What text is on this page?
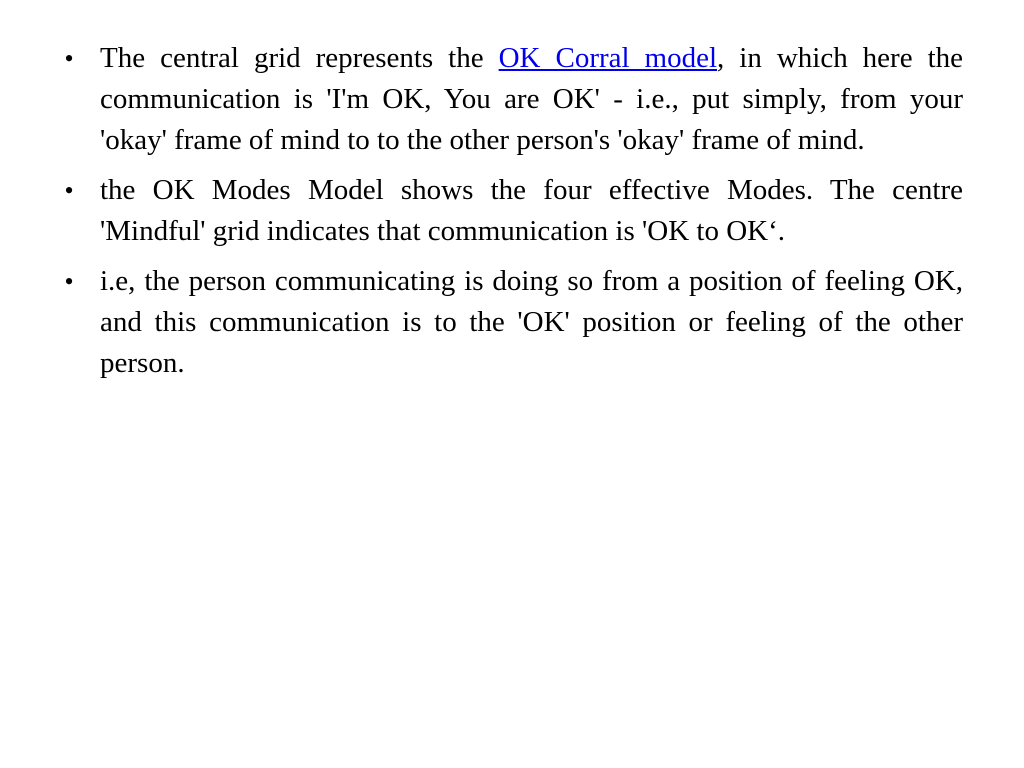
• The central grid represents the OK Corral model, in which here the communication is 'I'm OK, You are OK' - i.e., put simply, from your 'okay' frame of mind to to the other person's 'okay' frame of mind.
• the OK Modes Model shows the four effective Modes. The centre 'Mindful' grid indicates that communication is 'OK to OK‘.
• i.e, the person communicating is doing so from a position of feeling OK, and this communication is to the 'OK' position or feeling of the other person.
